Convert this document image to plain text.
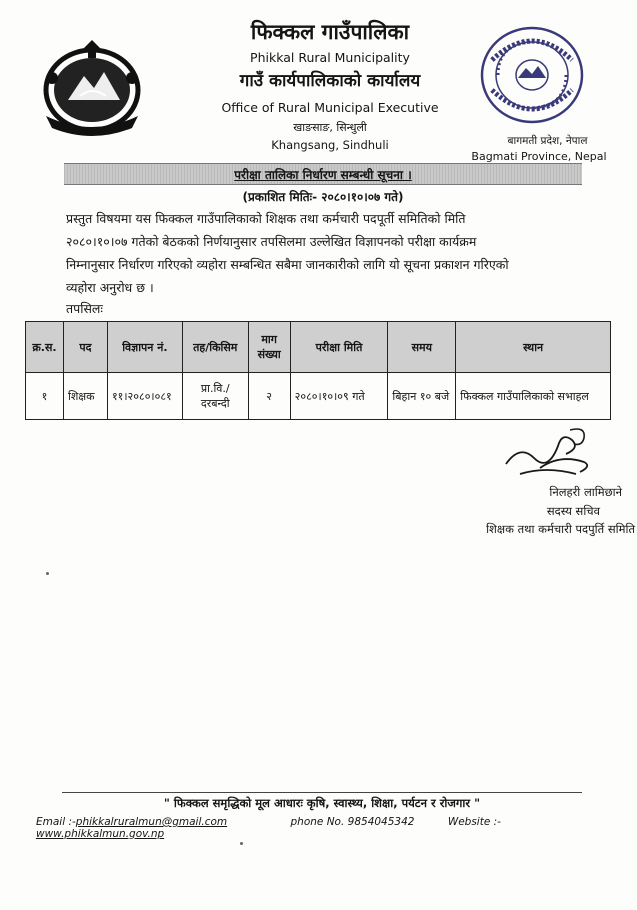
फिक्कल गाउँपालिका
Phikkal Rural Municipality
गाउँ कार्यपालिकाको कार्यालय
Office of Rural Municipal Executive
खाङसाङ, सिन्धुली
Khangsang, Sindhuli	बागमती प्रदेश, नेपाल
Bagmati Province, Nepal
परीक्षा तालिका निर्धारण सम्बन्धी सूचना ।
(प्रकाशित मितिः- २०८०।१०।०७ गते)
प्रस्तुत विषयमा यस फिक्कल गाउँपालिकाको शिक्षक तथा कर्मचारी पदपूर्ती समितिको मिति
२०८०।१०।०७ गतेको बेठकको निर्णयानुसार तपसिलमा उल्लेखित विज्ञापनको परीक्षा कार्यक्रम
निम्नानुसार निर्धारण गरिएको व्यहोरा सम्बन्धित सबैमा जानकारीको लागि यो सूचना प्रकाशन गरिएको
व्यहोरा अनुरोध छ ।
तपसिलः
क्र.स.	पद	विज्ञापन नं.	तह/किसिम	माग संख्या	परीक्षा मिति	समय	स्थान
१	शिक्षक	११।२०८०।०८१	प्रा.वि./ दरबन्दी	२	२०८०।१०।०९ गते	बिहान १० बजे	फिक्कल गाउँपालिकाको सभाहल
निलहरी लामिछाने
सदस्य सचिव
शिक्षक तथा कर्मचारी पदपुर्ति समिति
" फिक्कल समृद्धिको मूल आधारः कृषि, स्वास्थ्य, शिक्षा, पर्यटन र रोजगार "
Email :-phikkalruralmun@gmail.com	phone No. 9854045342	Website :-www.phikkalmun.gov.np
